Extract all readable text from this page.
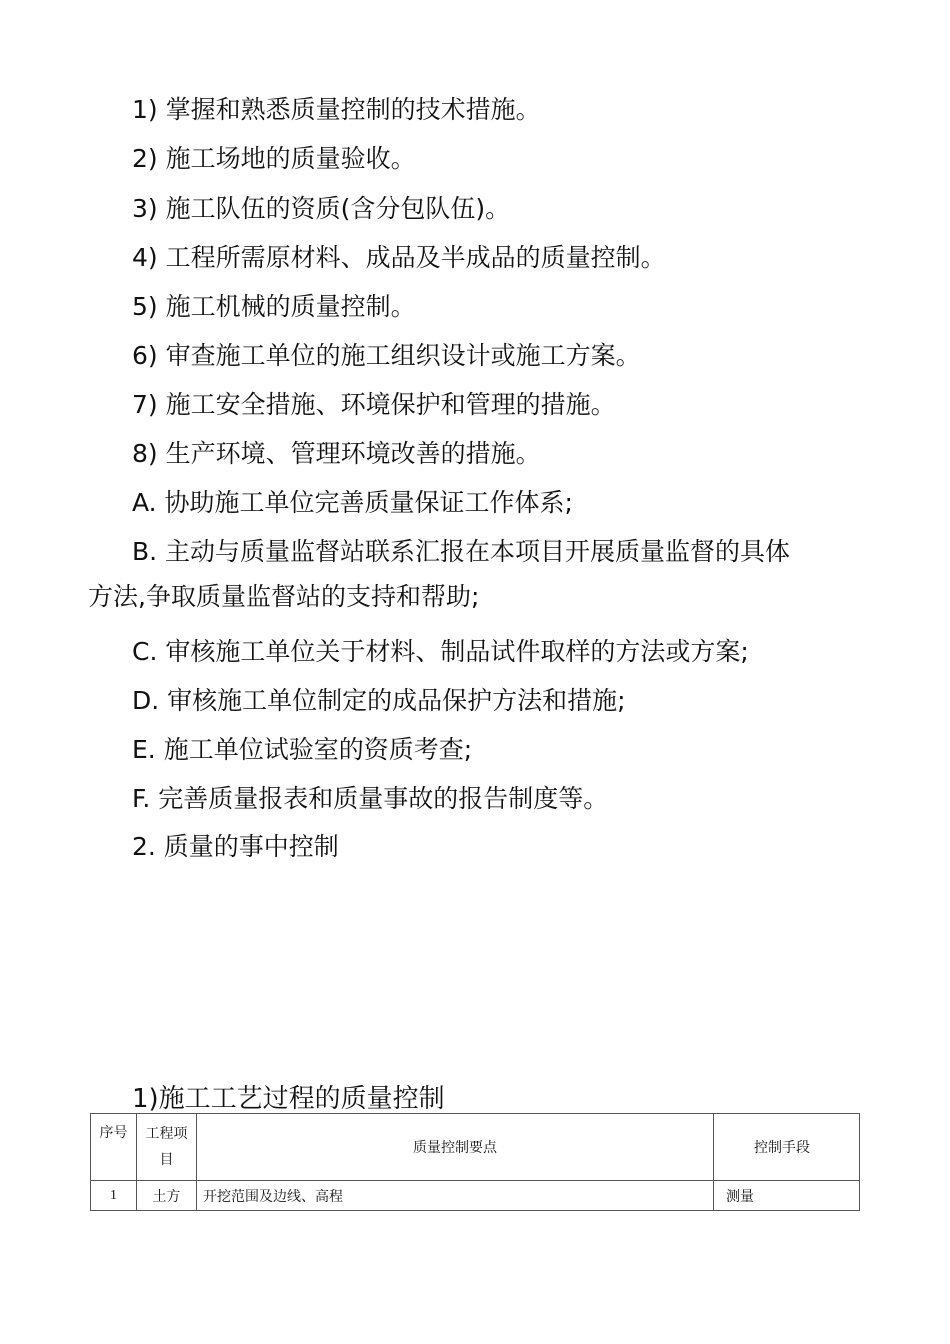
1) 掌握和熟悉质量控制的技术措施。
2) 施工场地的质量验收。
3) 施工队伍的资质(含分包队伍)。
4) 工程所需原材料、成品及半成品的质量控制。
5) 施工机械的质量控制。
6) 审查施工单位的施工组织设计或施工方案。
7) 施工安全措施、环境保护和管理的措施。
8) 生产环境、管理环境改善的措施。
A. 协助施工单位完善质量保证工作体系;
B. 主动与质量监督站联系汇报在本项目开展质量监督的具体
方法,争取质量监督站的支持和帮助;
C. 审核施工单位关于材料、制品试件取样的方法或方案;
D. 审核施工单位制定的成品保护方法和措施;
E. 施工单位试验室的资质考查;
F. 完善质量报表和质量事故的报告制度等。
2. 质量的事中控制
1)施工工艺过程的质量控制
序号	工程项目	质量控制要点	控制手段
1	土方	开挖范围及边线、高程	测量
